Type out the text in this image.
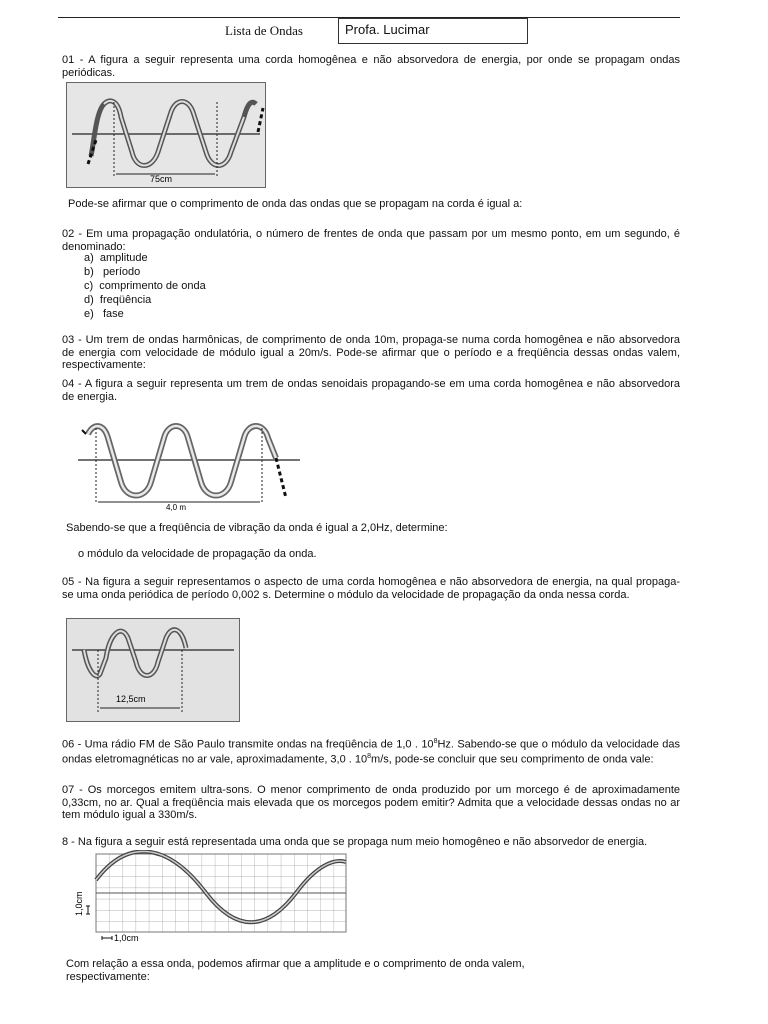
Lista de Ondas	Profa. Lucimar
01 - A figura a seguir representa uma corda homogênea e não absorvedora de energia, por onde se propagam ondas periódicas.
75cm
Pode-se afirmar que o comprimento de onda das ondas que se propagam na corda é igual a:
02 - Em uma propagação ondulatória, o número de frentes de onda que passam por um mesmo ponto, em um segundo, é denominado:
a) amplitude
b) período
c) comprimento de onda
d) freqüência
e) fase
03 - Um trem de ondas harmônicas, de comprimento de onda 10m, propaga-se numa corda homogênea e não absorvedora de energia com velocidade de módulo igual a 20m/s. Pode-se afirmar que o período e a freqüência dessas ondas valem, respectivamente:
04 - A figura a seguir representa um trem de ondas senoidais propagando-se em uma corda homogênea e não absorvedora de energia.
4,0 m
Sabendo-se que a freqüência de vibração da onda é igual a 2,0Hz, determine:
o módulo da velocidade de propagação da onda.
05 - Na figura a seguir representamos o aspecto de uma corda homogênea e não absorvedora de energia, na qual propaga-se uma onda periódica de período 0,002 s. Determine o módulo da velocidade de propagação da onda nessa corda.
12,5cm
06 - Uma rádio FM de São Paulo transmite ondas na freqüência de 1,0 . $10^8Hz$. Sabendo-se que o módulo da velocidade das ondas eletromagnéticas no ar vale, aproximadamente, 3,0 . $10^8m/s$, pode-se concluir que seu comprimento de onda vale:
07 - Os morcegos emitem ultra-sons. O menor comprimento de onda produzido por um morcego é de aproximadamente 0,33cm, no ar. Qual a freqüência mais elevada que os morcegos podem emitir? Admita que a velocidade dessas ondas no ar tem módulo igual a 330m/s.
8 - Na figura a seguir está representada uma onda que se propaga num meio homogêneo e não absorvedor de energia.
1,0cm
1,0cm
Com relação a essa onda, podemos afirmar que a amplitude e o comprimento de onda valem, respectivamente:
